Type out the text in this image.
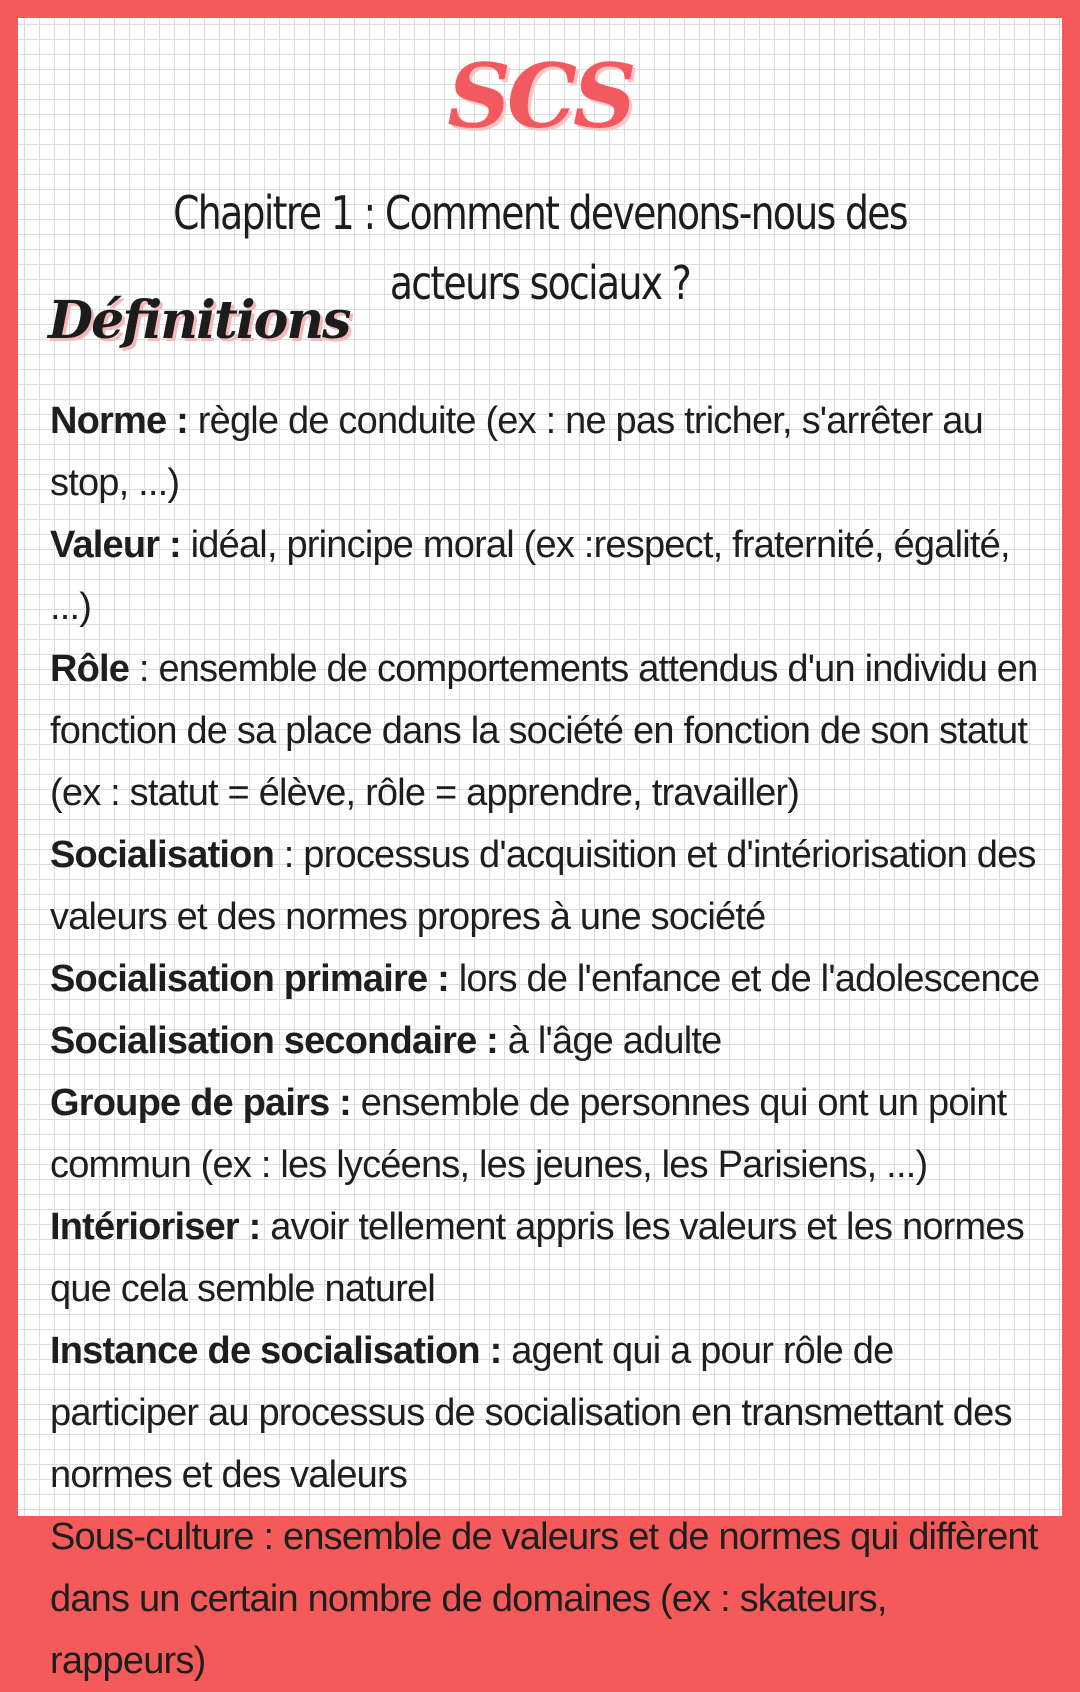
SCS
Chapitre 1 : Comment devenons-nous des acteurs sociaux ?
Définitions
Norme : règle de conduite (ex : ne pas tricher, s'arrêter au stop, ...)
Valeur : idéal, principe moral (ex :respect, fraternité, égalité, ...)
Rôle : ensemble de comportements attendus d'un individu en fonction de sa place dans la société en fonction de son statut (ex : statut = élève, rôle = apprendre, travailler)
Socialisation : processus d'acquisition et d'intériorisation des valeurs et des normes propres à une société
Socialisation primaire : lors de l'enfance et de l'adolescence
Socialisation secondaire : à l'âge adulte
Groupe de pairs : ensemble de personnes qui ont un point commun (ex : les lycéens, les jeunes, les Parisiens, ...)
Intérioriser : avoir tellement appris les valeurs et les normes que cela semble naturel
Instance de socialisation : agent qui a pour rôle de participer au processus de socialisation en transmettant des normes et des valeurs
Sous-culture : ensemble de valeurs et de normes qui diffèrent dans un certain nombre de domaines (ex : skateurs, rappeurs)
